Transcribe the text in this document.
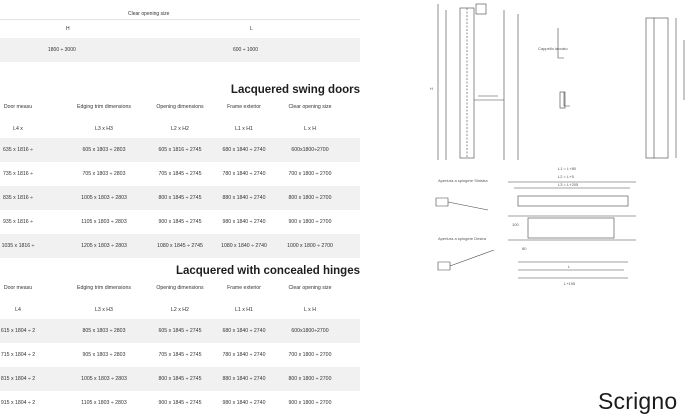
Clear opening size
H	L
1800 ÷ 3000	600 ÷ 1000
Lacquered swing doors
Clear opening size
L x H
Frame exterior
L1 x H1
Opening dimensions
L2 x H2
Edging trim dimensions
L3 x H3
Door measu
L4 x
600x1800÷2700
680 x 1840 ÷ 2740
605 x 1816 ÷ 2745
605 x 1803 ÷ 2803
635 x 1816 ÷
700 x 1800 ÷ 2700
780 x 1840 ÷ 2740
705 x 1845 ÷ 2745
705 x 1803 ÷ 2803
735 x 1816 ÷
800 x 1800 ÷ 2700
880 x 1840 ÷ 2740
800 x 1845 ÷ 2745
1005 x 1803 ÷ 2803
835 x 1816 ÷
900 x 1800 ÷ 2700
980 x 1840 ÷ 2740
900 x 1845 ÷ 2745
1105 x 1803 ÷ 2803
935 x 1816 ÷
1000 x 1800 ÷ 2700
1080 x 1840 ÷ 2740
1080 x 1845 ÷ 2745
1205 x 1803 ÷ 2803
1035 x 1816 ÷
Lacquered with concealed hinges
Clear opening size
L x H
Frame exterior
L1 x H1
Opening dimensions
L2 x H2
Edging trim dimensions
L3 x H3
Door measu
L4
600x1800÷2700
680 x 1840 ÷ 2740
605 x 1845 ÷ 2745
805 x 1803 ÷ 2803
615 x 1804 ÷ 2
700 x 1800 ÷ 2700
780 x 1840 ÷ 2740
705 x 1845 ÷ 2745
905 x 1803 ÷ 2803
715 x 1804 ÷ 2
800 x 1800 ÷ 2700
880 x 1840 ÷ 2740
800 x 1845 ÷ 2745
1005 x 1803 ÷ 2803
815 x 1804 ÷ 2
900 x 1800 ÷ 2700
980 x 1840 ÷ 2740
900 x 1845 ÷ 2745
1105 x 1803 ÷ 2803
915 x 1804 ÷ 2
Cappello laccato
Apertura a spingere Sinistra
Apertura a spingere Destra
L1 = L+80
L2 = L+5
L3 = L+205
L
L+195
H
80
100
Scrigno
